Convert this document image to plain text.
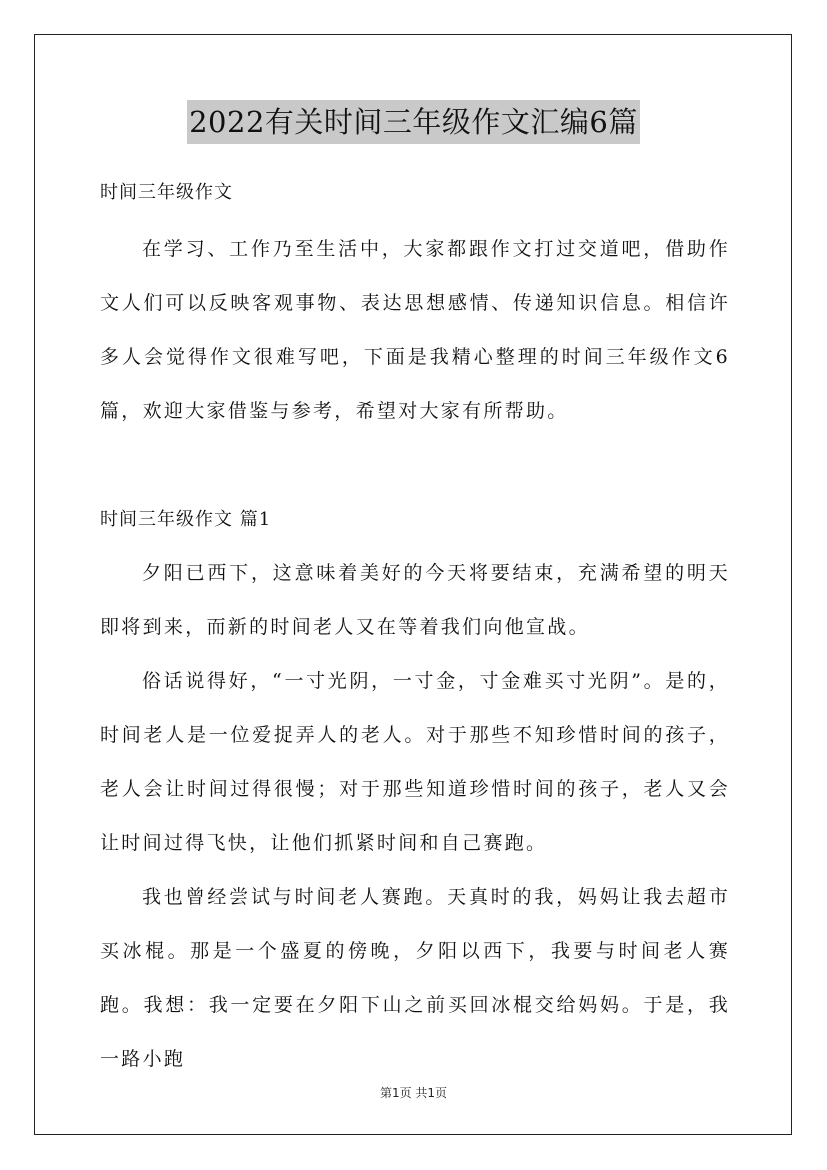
2022有关时间三年级作文汇编6篇
时间三年级作文

在学习、工作乃至生活中，大家都跟作文打过交道吧，借助作文人们可以反映客观事物、表达思想感情、传递知识信息。相信许多人会觉得作文很难写吧，下面是我精心整理的时间三年级作文6篇，欢迎大家借鉴与参考，希望对大家有所帮助。

时间三年级作文 篇1

夕阳已西下，这意味着美好的今天将要结束，充满希望的明天即将到来，而新的时间老人又在等着我们向他宣战。

俗话说得好，“一寸光阴，一寸金，寸金难买寸光阴”。是的，时间老人是一位爱捉弄人的老人。对于那些不知珍惜时间的孩子，老人会让时间过得很慢；对于那些知道珍惜时间的孩子，老人又会让时间过得飞快，让他们抓紧时间和自己赛跑。

我也曾经尝试与时间老人赛跑。天真时的我，妈妈让我去超市买冰棍。那是一个盛夏的傍晚，夕阳以西下，我要与时间老人赛跑。我想：我一定要在夕阳下山之前买回冰棍交给妈妈。于是，我一路小跑

第1页 共1页
